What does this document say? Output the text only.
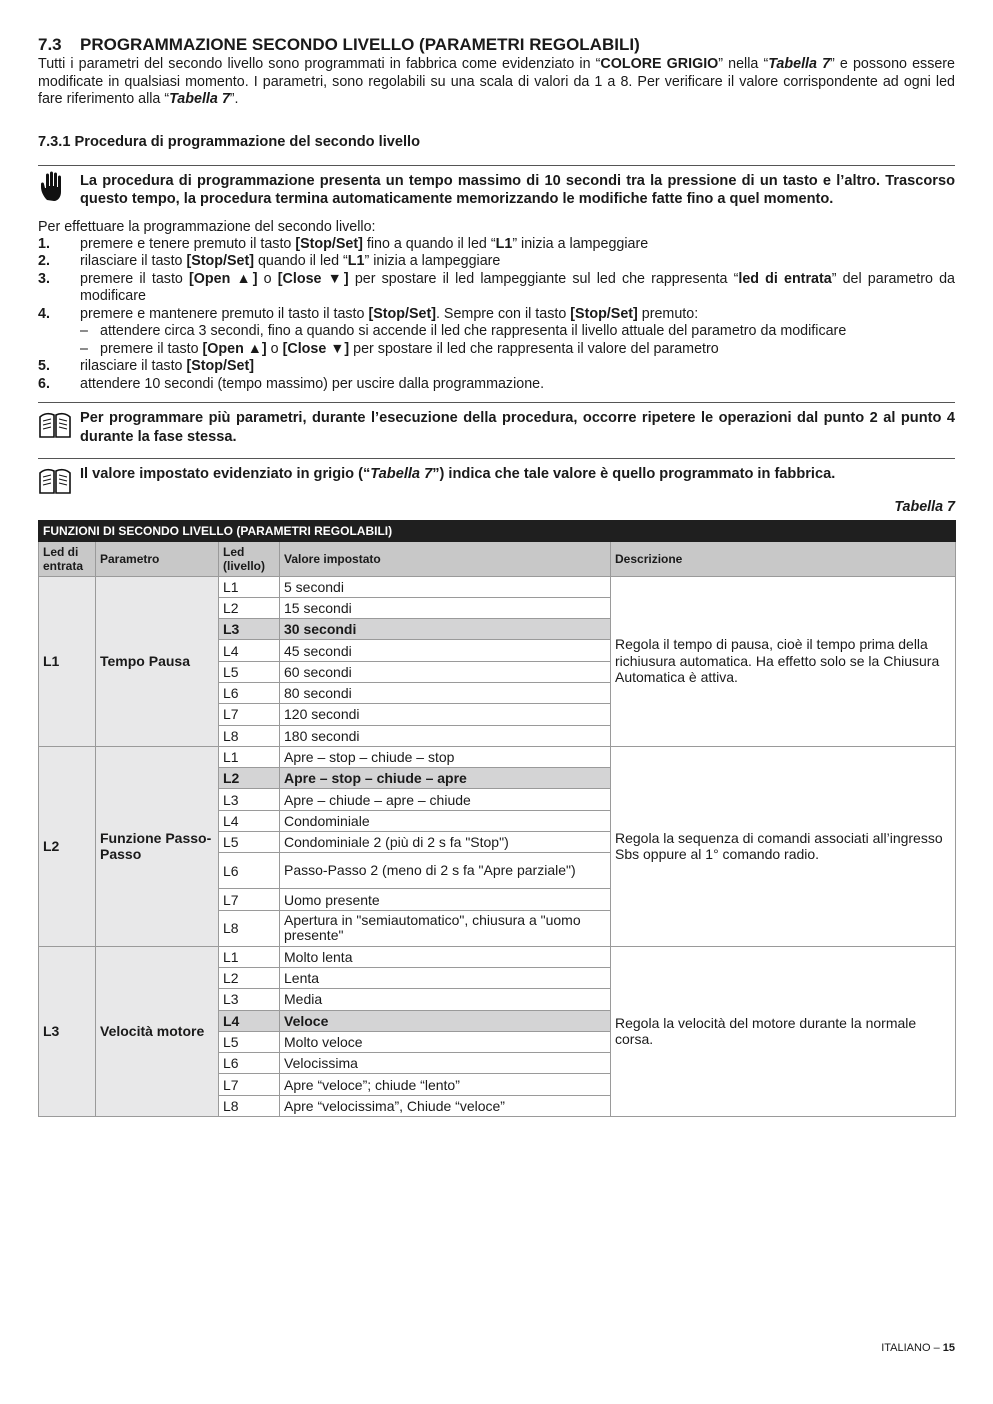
7.3 PROGRAMMAZIONE SECONDO LIVELLO (PARAMETRI REGOLABILI)

Tutti i parametri del secondo livello sono programmati in fabbrica come evidenziato in “COLORE GRIGIO” nella “Tabella 7” e possono essere modificate in qualsiasi momento. I parametri, sono regolabili su una scala di valori da 1 a 8. Per verificare il valore corrispondente ad ogni led fare riferimento alla “Tabella 7”.

7.3.1 Procedura di programmazione del secondo livello

La procedura di programmazione presenta un tempo massimo di 10 secondi tra la pressione di un tasto e l’altro. Trascorso questo tempo, la procedura termina automaticamente memorizzando le modifiche fatte fino a quel momento.

Per effettuare la programmazione del secondo livello:

1. premere e tenere premuto il tasto [Stop/Set] fino a quando il led “L1” inizia a lampeggiare
2. rilasciare il tasto [Stop/Set] quando il led “L1” inizia a lampeggiare
3. premere il tasto [Open ▲] o [Close ▼] per spostare il led lampeggiante sul led che rappresenta “led di entrata” del parametro da modificare
4. premere e mantenere premuto il tasto il tasto [Stop/Set]. Sempre con il tasto [Stop/Set] premuto:
– attendere circa 3 secondi, fino a quando si accende il led che rappresenta il livello attuale del parametro da modificare
– premere il tasto [Open ▲] o [Close ▼] per spostare il led che rappresenta il valore del parametro
5. rilasciare il tasto [Stop/Set]
6. attendere 10 secondi (tempo massimo) per uscire dalla programmazione.

Per programmare più parametri, durante l’esecuzione della procedura, occorre ripetere le operazioni dal punto 2 al punto 4 durante la fase stessa.

Il valore impostato evidenziato in grigio (“Tabella 7”) indica che tale valore è quello programmato in fabbrica.

Tabella 7
FUNZIONI DI SECONDO LIVELLO (PARAMETRI REGOLABILI)				
Led di entrata	Parametro	Led (livello)	Valore impostato	Descrizione
L1	Tempo Pausa	L1	5 secondi	Regola il tempo di pausa, cioè il tempo prima della richiusura automatica. Ha effetto solo se la Chiusura Automatica è attiva.
		L2	15 secondi	
		L3	30 secondi	
		L4	45 secondi	
		L5	60 secondi	
		L6	80 secondi	
		L7	120 secondi	
		L8	180 secondi	
L2	Funzione Passo-Passo	L1	Apre – stop – chiude – stop	Regola la sequenza di comandi associati all’ingresso Sbs oppure al 1° comando radio.
		L2	Apre – stop – chiude – apre	
		L3	Apre – chiude – apre – chiude	
		L4	Condominiale	
		L5	Condominiale 2 (più di 2 s fa "Stop")	
		L6	Passo-Passo 2 (meno di 2 s fa "Apre parziale")	
		L7	Uomo presente	
		L8	Apertura in "semiautomatico", chiusura a "uomo presente"	
L3	Velocità motore	L1	Molto lenta	Regola la velocità del motore durante la normale corsa.
		L2	Lenta	
		L3	Media	
		L4	Veloce	
		L5	Molto veloce	
		L6	Velocissima	
		L7	Apre “veloce”; chiude “lento”	
		L8	Apre “velocissima”, Chiude “veloce”	
ITALIANO – 15
